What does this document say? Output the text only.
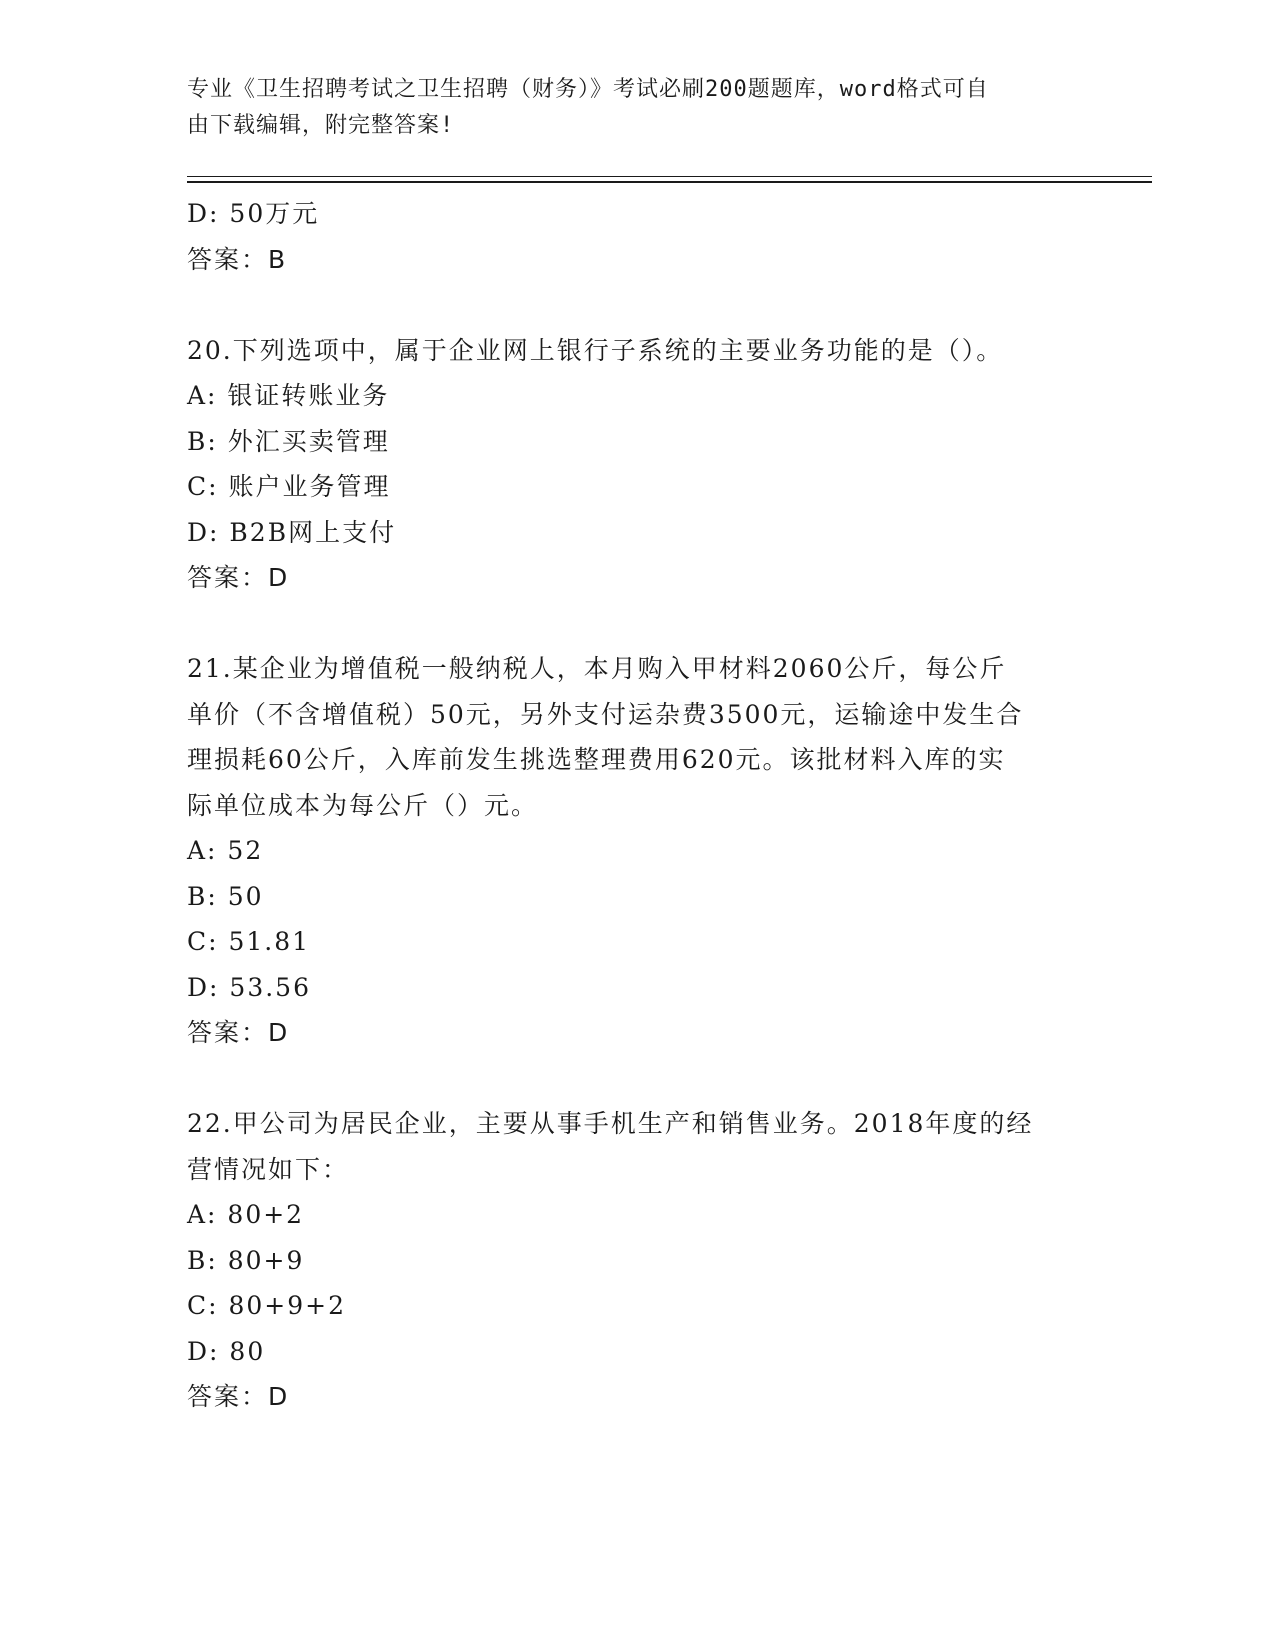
专业《卫生招聘考试之卫生招聘（财务）》考试必刷200题题库，word格式可自
由下载编辑，附完整答案!
D: 50万元
答案：B
20.下列选项中，属于企业网上银行子系统的主要业务功能的是（）。
A: 银证转账业务
B: 外汇买卖管理
C: 账户业务管理
D: B2B网上支付
答案：D
21.某企业为增值税一般纳税人，本月购入甲材料2060公斤，每公斤
单价（不含增值税）50元，另外支付运杂费3500元，运输途中发生合
理损耗60公斤，入库前发生挑选整理费用620元。该批材料入库的实
际单位成本为每公斤（）元。
A: 52
B: 50
C: 51.81
D: 53.56
答案：D
22.甲公司为居民企业，主要从事手机生产和销售业务。2018年度的经
营情况如下：
A: 80+2
B: 80+9
C: 80+9+2
D: 80
答案：D
